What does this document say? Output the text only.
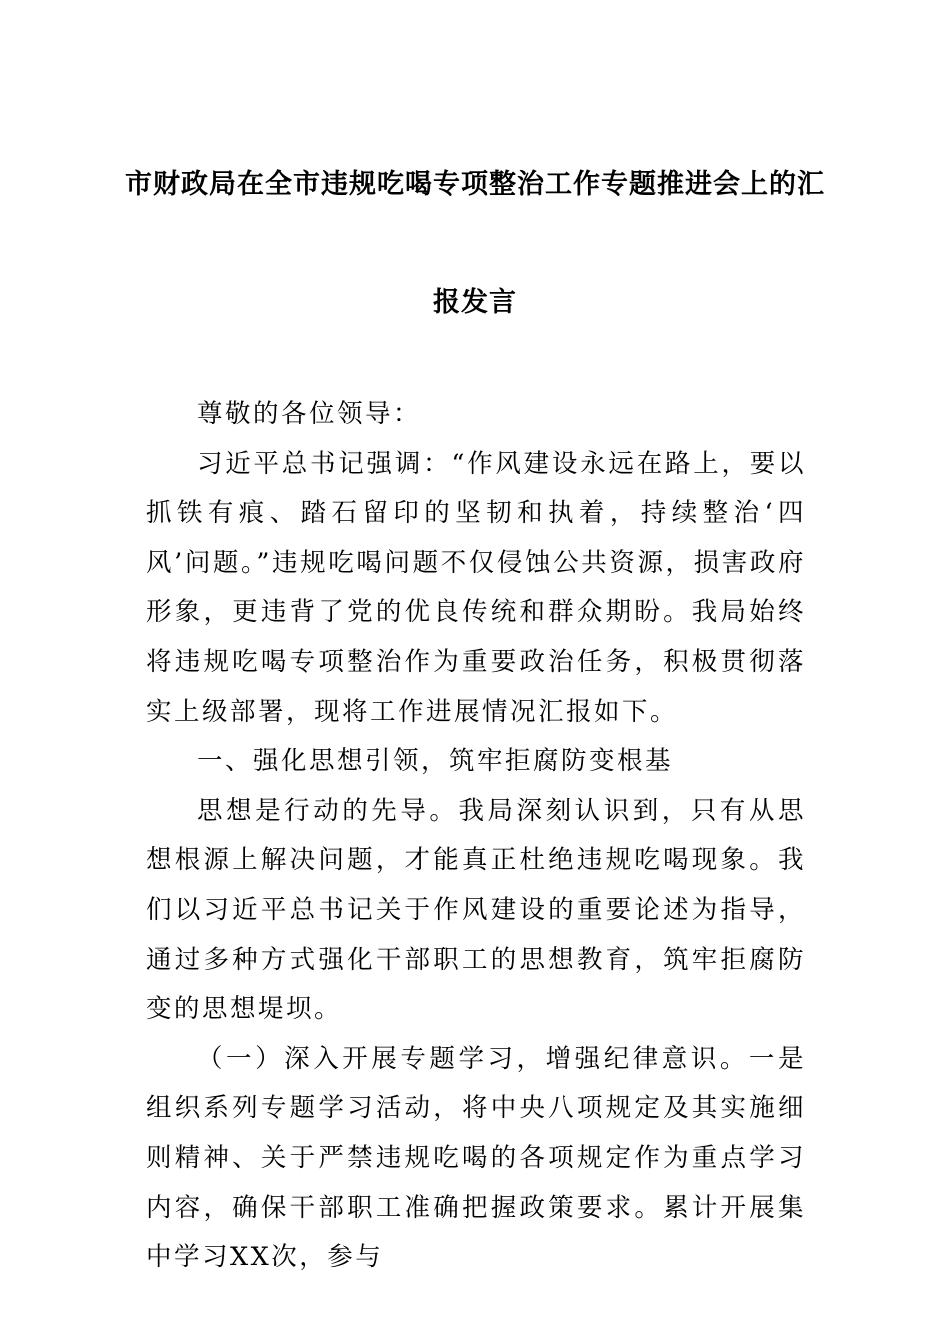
市财政局在全市违规吃喝专项整治工作专题推进会上的汇
报发言

尊敬的各位领导：

习近平总书记强调：“作风建设永远在路上，要以抓铁有痕、踏石留印的坚韧和执着，持续整治‘四风’问题。”违规吃喝问题不仅侵蚀公共资源，损害政府形象，更违背了党的优良传统和群众期盼。我局始终将违规吃喝专项整治作为重要政治任务，积极贯彻落实上级部署，现将工作进展情况汇报如下。

一、强化思想引领，筑牢拒腐防变根基

思想是行动的先导。我局深刻认识到，只有从思想根源上解决问题，才能真正杜绝违规吃喝现象。我们以习近平总书记关于作风建设的重要论述为指导，通过多种方式强化干部职工的思想教育，筑牢拒腐防变的思想堤坝。

（一）深入开展专题学习，增强纪律意识。一是组织系列专题学习活动，将中央八项规定及其实施细则精神、关于严禁违规吃喝的各项规定作为重点学习内容，确保干部职工准确把握政策要求。累计开展集中学习XX次，参与
